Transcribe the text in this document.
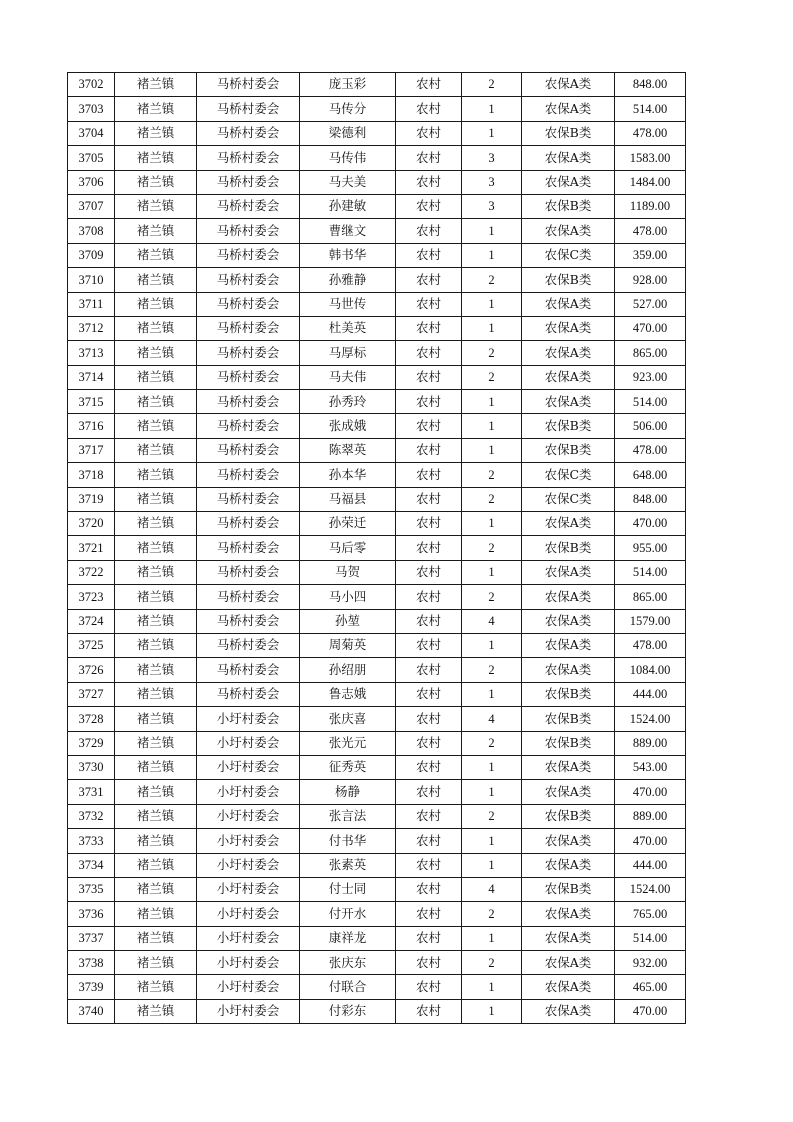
3702	褚兰镇	马桥村委会	庞玉彩	农村	2	农保A类	848.00
3703	褚兰镇	马桥村委会	马传分	农村	1	农保A类	514.00
3704	褚兰镇	马桥村委会	梁德利	农村	1	农保B类	478.00
3705	褚兰镇	马桥村委会	马传伟	农村	3	农保A类	1583.00
3706	褚兰镇	马桥村委会	马夫美	农村	3	农保A类	1484.00
3707	褚兰镇	马桥村委会	孙建敏	农村	3	农保B类	1189.00
3708	褚兰镇	马桥村委会	曹继文	农村	1	农保A类	478.00
3709	褚兰镇	马桥村委会	韩书华	农村	1	农保C类	359.00
3710	褚兰镇	马桥村委会	孙雅静	农村	2	农保B类	928.00
3711	褚兰镇	马桥村委会	马世传	农村	1	农保A类	527.00
3712	褚兰镇	马桥村委会	杜美英	农村	1	农保A类	470.00
3713	褚兰镇	马桥村委会	马厚标	农村	2	农保A类	865.00
3714	褚兰镇	马桥村委会	马夫伟	农村	2	农保A类	923.00
3715	褚兰镇	马桥村委会	孙秀玲	农村	1	农保A类	514.00
3716	褚兰镇	马桥村委会	张成娥	农村	1	农保B类	506.00
3717	褚兰镇	马桥村委会	陈翠英	农村	1	农保B类	478.00
3718	褚兰镇	马桥村委会	孙本华	农村	2	农保C类	648.00
3719	褚兰镇	马桥村委会	马福县	农村	2	农保C类	848.00
3720	褚兰镇	马桥村委会	孙荣迁	农村	1	农保A类	470.00
3721	褚兰镇	马桥村委会	马后零	农村	2	农保B类	955.00
3722	褚兰镇	马桥村委会	马贺	农村	1	农保A类	514.00
3723	褚兰镇	马桥村委会	马小四	农村	2	农保A类	865.00
3724	褚兰镇	马桥村委会	孙堃	农村	4	农保A类	1579.00
3725	褚兰镇	马桥村委会	周菊英	农村	1	农保A类	478.00
3726	褚兰镇	马桥村委会	孙绍朋	农村	2	农保A类	1084.00
3727	褚兰镇	马桥村委会	鲁志娥	农村	1	农保B类	444.00
3728	褚兰镇	小圩村委会	张庆喜	农村	4	农保B类	1524.00
3729	褚兰镇	小圩村委会	张光元	农村	2	农保B类	889.00
3730	褚兰镇	小圩村委会	征秀英	农村	1	农保A类	543.00
3731	褚兰镇	小圩村委会	杨静	农村	1	农保A类	470.00
3732	褚兰镇	小圩村委会	张言法	农村	2	农保B类	889.00
3733	褚兰镇	小圩村委会	付书华	农村	1	农保A类	470.00
3734	褚兰镇	小圩村委会	张素英	农村	1	农保A类	444.00
3735	褚兰镇	小圩村委会	付士同	农村	4	农保B类	1524.00
3736	褚兰镇	小圩村委会	付开水	农村	2	农保A类	765.00
3737	褚兰镇	小圩村委会	康祥龙	农村	1	农保A类	514.00
3738	褚兰镇	小圩村委会	张庆东	农村	2	农保A类	932.00
3739	褚兰镇	小圩村委会	付联合	农村	1	农保A类	465.00
3740	褚兰镇	小圩村委会	付彩东	农村	1	农保A类	470.00
